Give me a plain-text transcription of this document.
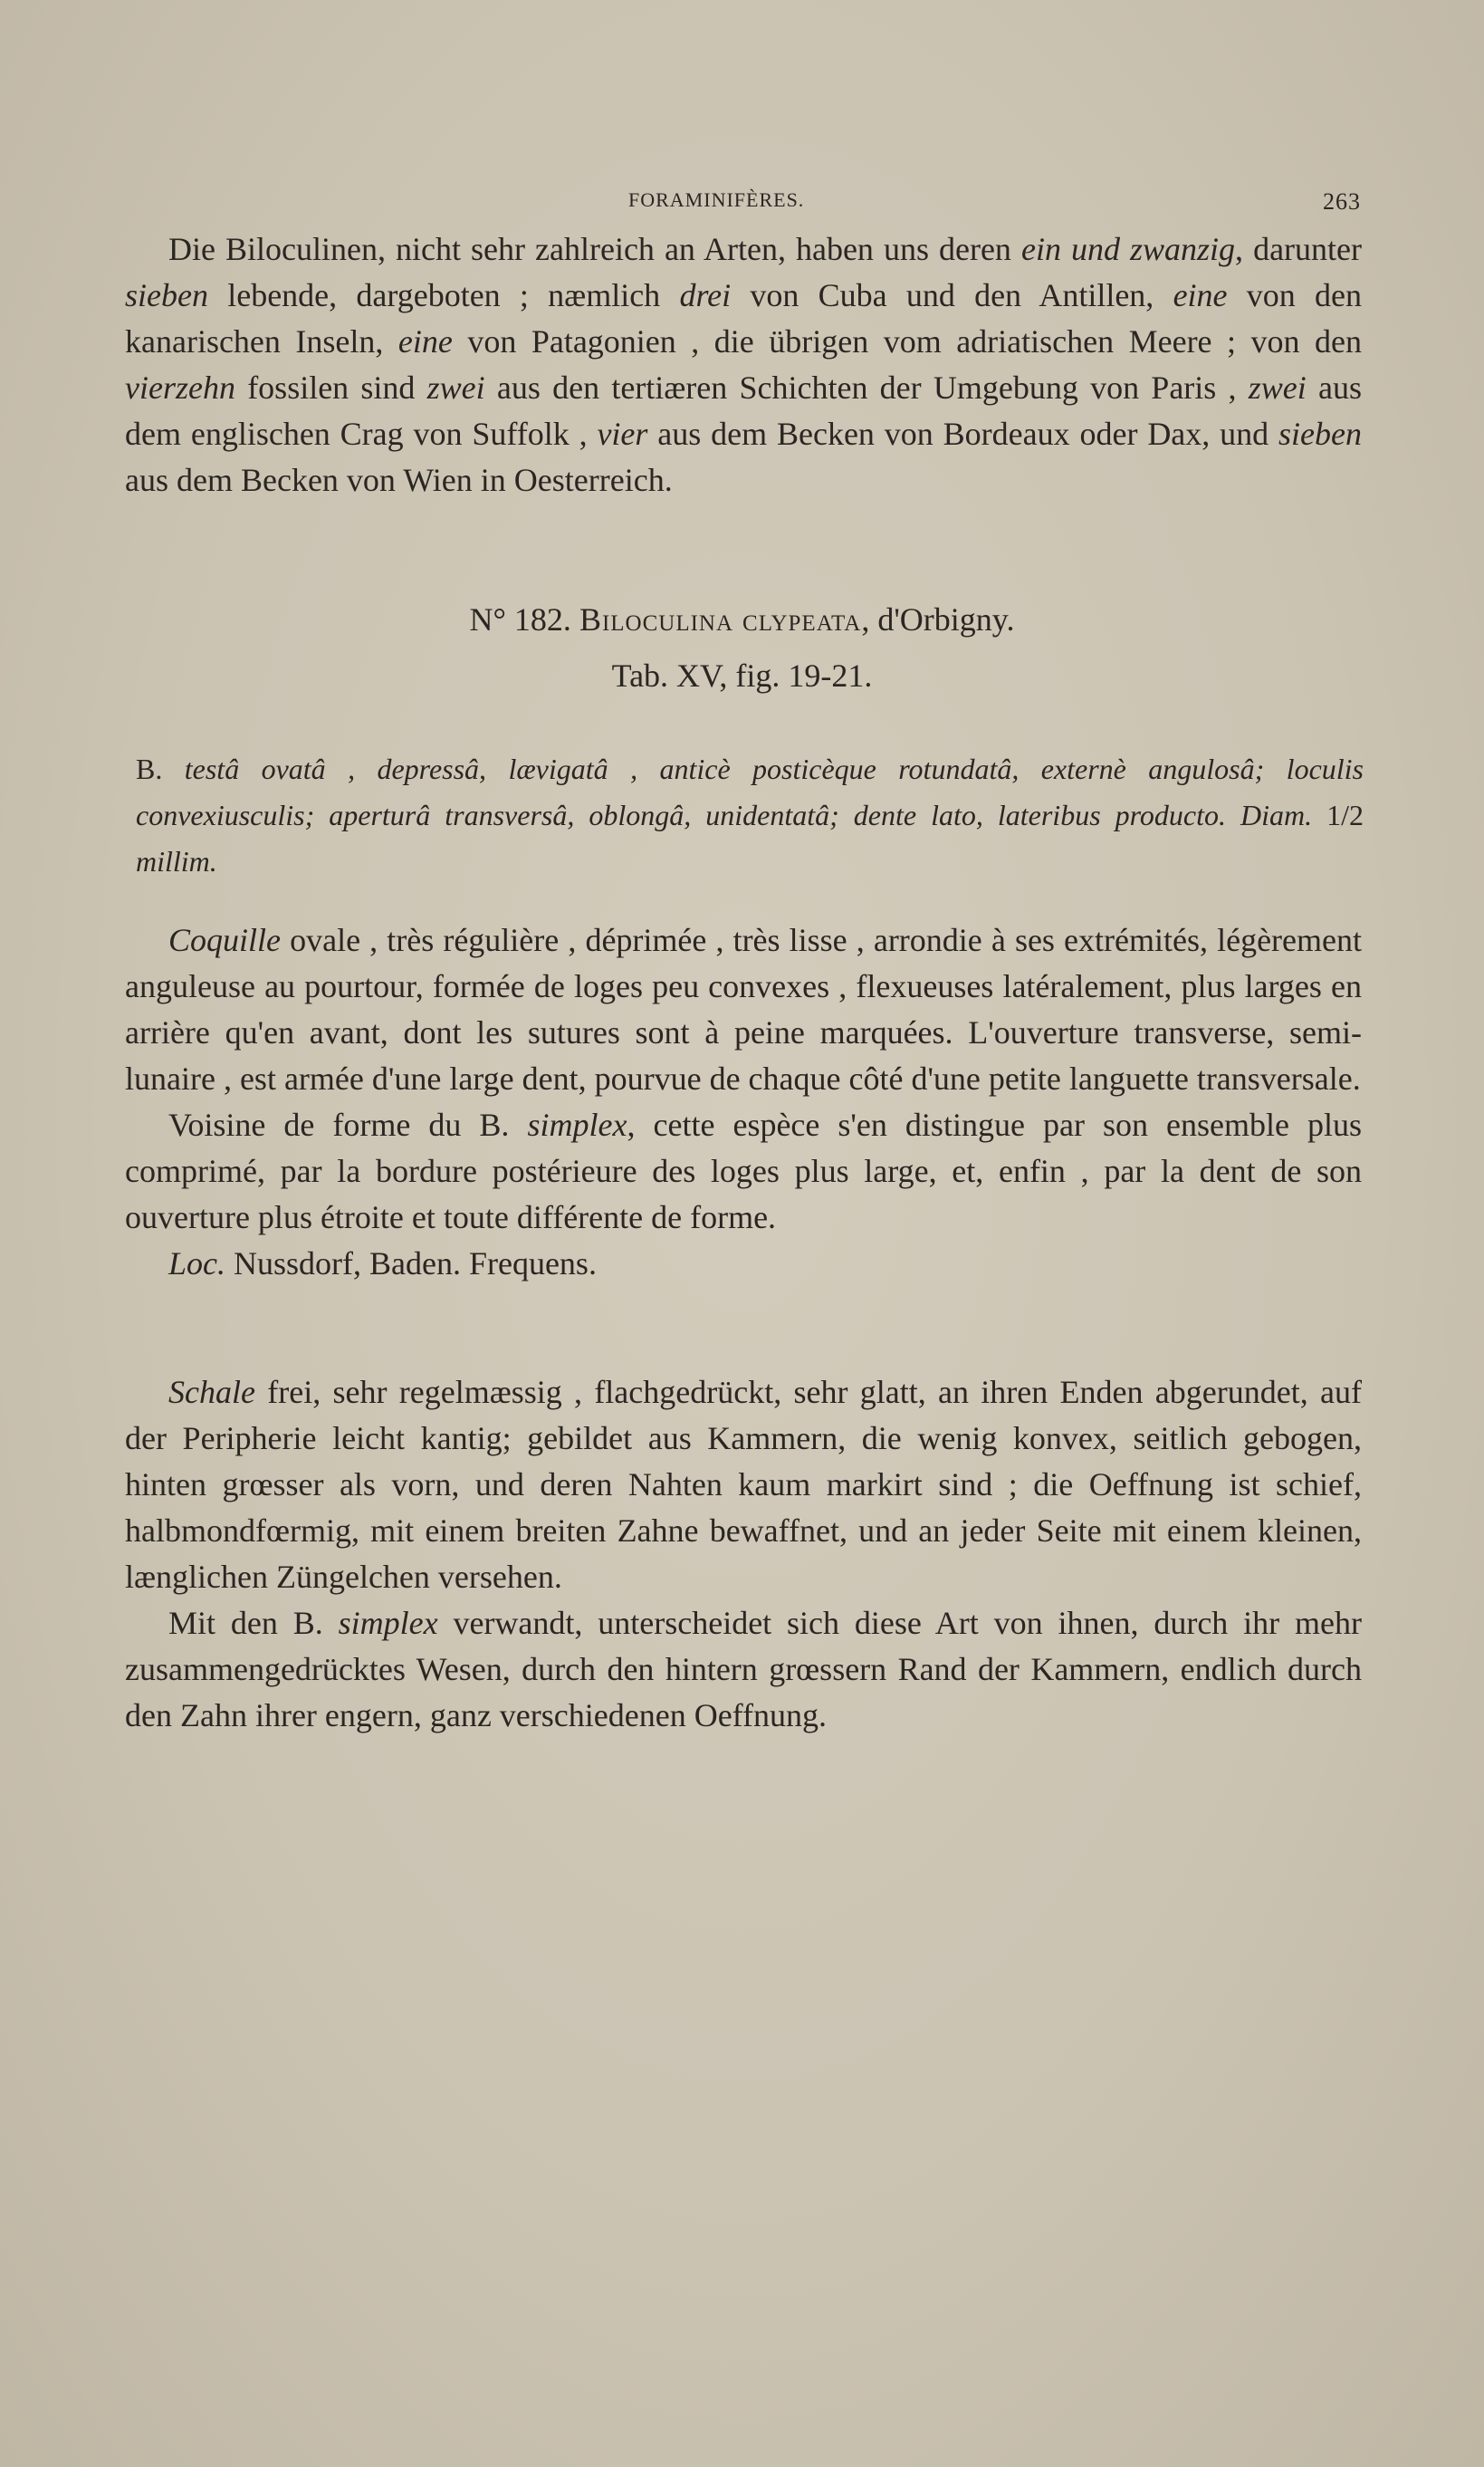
FORAMINIFÈRES.	263

Die Biloculinen, nicht sehr zahlreich an Arten, haben uns deren ein und zwanzig, darunter sieben lebende, dargeboten ; næmlich drei von Cuba und den Antillen, eine von den kanarischen Inseln, eine von Patagonien , die übrigen vom adriatischen Meere ; von den vierzehn fossilen sind zwei aus den tertiæren Schichten der Umgebung von Paris , zwei aus dem englischen Crag von Suffolk , vier aus dem Becken von Bordeaux oder Dax, und sieben aus dem Becken von Wien in Oesterreich.

N° 182. Biloculina clypeata, d'Orbigny.
Tab. XV, fig. 19-21.
B. testâ ovatâ , depressâ, lævigatâ , anticè posticèque rotundatâ, externè angulosâ; loculis convexiusculis; aperturâ transversâ, oblongâ, unidentatâ; dente lato, lateribus producto. Diam. 1/2 millim.

Coquille ovale , très régulière , déprimée , très lisse , arrondie à ses extrémités, légèrement anguleuse au pourtour, formée de loges peu convexes , flexueuses latéralement, plus larges en arrière qu'en avant, dont les sutures sont à peine marquées. L'ouverture transverse, semi-lunaire , est armée d'une large dent, pourvue de chaque côté d'une petite languette transversale.

Voisine de forme du B. simplex, cette espèce s'en distingue par son ensemble plus comprimé, par la bordure postérieure des loges plus large, et, enfin , par la dent de son ouverture plus étroite et toute différente de forme.

Loc. Nussdorf, Baden. Frequens.

Schale frei, sehr regelmæssig , flachgedrückt, sehr glatt, an ihren Enden abgerundet, auf der Peripherie leicht kantig; gebildet aus Kammern, die wenig konvex, seitlich gebogen, hinten grœsser als vorn, und deren Nahten kaum markirt sind ; die Oeffnung ist schief, halbmondfœrmig, mit einem breiten Zahne bewaffnet, und an jeder Seite mit einem kleinen, længlichen Züngelchen versehen.

Mit den B. simplex verwandt, unterscheidet sich diese Art von ihnen, durch ihr mehr zusammengedrücktes Wesen, durch den hintern grœssern Rand der Kammern, endlich durch den Zahn ihrer engern, ganz verschiedenen Oeffnung.
